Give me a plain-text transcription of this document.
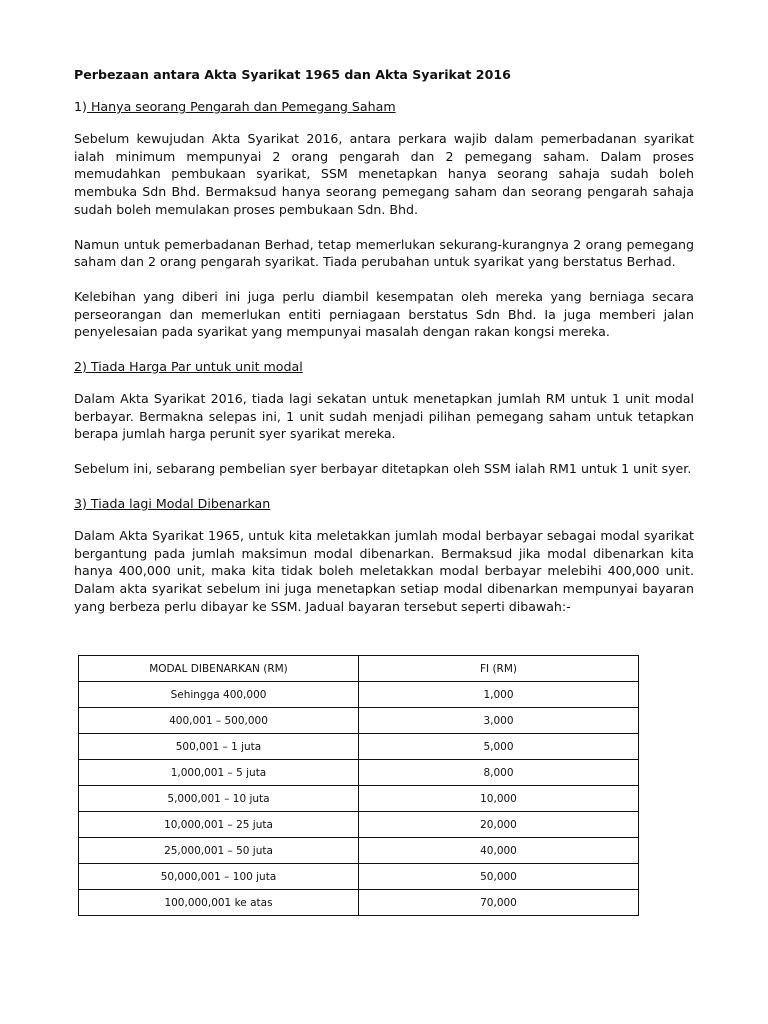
Perbezaan antara Akta Syarikat 1965 dan Akta Syarikat 2016
1) Hanya seorang Pengarah dan Pemegang Saham

Sebelum kewujudan Akta Syarikat 2016, antara perkara wajib dalam pemerbadanan syarikat ialah minimum mempunyai 2 orang pengarah dan 2 pemegang saham. Dalam proses memudahkan pembukaan syarikat, SSM menetapkan hanya seorang sahaja sudah boleh membuka Sdn Bhd. Bermaksud hanya seorang pemegang saham dan seorang pengarah sahaja sudah boleh memulakan proses pembukaan Sdn. Bhd.

Namun untuk pemerbadanan Berhad, tetap memerlukan sekurang-kurangnya 2 orang pemegang saham dan 2 orang pengarah syarikat. Tiada perubahan untuk syarikat yang berstatus Berhad.

Kelebihan yang diberi ini juga perlu diambil kesempatan oleh mereka yang berniaga secara perseorangan dan memerlukan entiti perniagaan berstatus Sdn Bhd. Ia juga memberi jalan penyelesaian pada syarikat yang mempunyai masalah dengan rakan kongsi mereka.

2) Tiada Harga Par untuk unit modal

Dalam Akta Syarikat 2016, tiada lagi sekatan untuk menetapkan jumlah RM untuk 1 unit modal berbayar. Bermakna selepas ini, 1 unit sudah menjadi pilihan pemegang saham untuk tetapkan berapa jumlah harga perunit syer syarikat mereka.

Sebelum ini, sebarang pembelian syer berbayar ditetapkan oleh SSM ialah RM1 untuk 1 unit syer.

3) Tiada lagi Modal Dibenarkan

Dalam Akta Syarikat 1965, untuk kita meletakkan jumlah modal berbayar sebagai modal syarikat bergantung pada jumlah maksimun modal dibenarkan. Bermaksud jika modal dibenarkan kita hanya 400,000 unit, maka kita tidak boleh meletakkan modal berbayar melebihi 400,000 unit. Dalam akta syarikat sebelum ini juga menetapkan setiap modal dibenarkan mempunyai bayaran yang berbeza perlu dibayar ke SSM. Jadual bayaran tersebut seperti dibawah:-

MODAL DIBENARKAN (RM)	FI (RM)
Sehingga 400,000	1,000
400,001 – 500,000	3,000
500,001 – 1 juta	5,000
1,000,001 – 5 juta	8,000
5,000,001 – 10 juta	10,000
10,000,001 – 25 juta	20,000
25,000,001 – 50 juta	40,000
50,000,001 – 100 juta	50,000
100,000,001 ke atas	70,000
